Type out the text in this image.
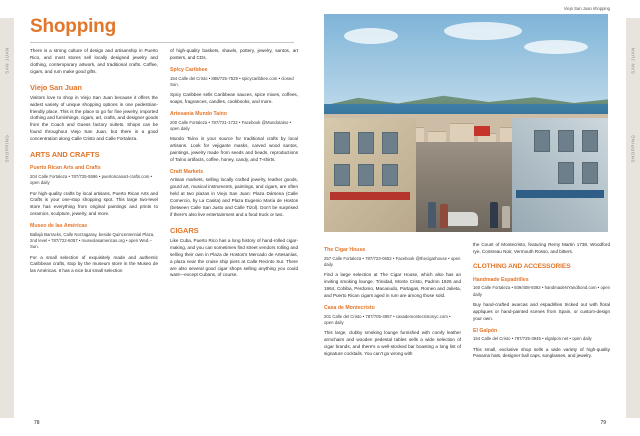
SAN JUAN
SHOPPING
Shopping

There is a strong culture of design and artisanship in Puerto Rico, and most stores sell locally designed jewelry and clothing, contemporary artwork, and traditional crafts. Coffee, cigars, and rum make good gifts.

Viejo San Juan

Visitors love to shop in Viejo San Juan because it offers the widest variety of unique shopping options in one pedestrian-friendly place. This is the place to go for fine jewelry, imported clothing and furnishings, cigars, art, crafts, and designer goods from the Coach and Guess factory outlets. Shops can be found throughout Viejo San Juan, but there is a good concentration along Calle Cristo and Calle Fortaleza.

ARTS AND CRAFTS
Puerto Rican Arts and Crafts

204 Calle Fortaleza • 787/725-5596 • puertoricanart-crafts.com • open daily

For high-quality crafts by local artisans, Puerto Rican Arts and Crafts is your one-stop shopping spot. This large two-level store has everything from original paintings and prints to ceramics, sculpture, jewelry, and more.

Museo de las Américas

Ballajá Barracks, Calle Norzagaray, beside Quincentennial Plaza, 2nd level • 787/722-6057 • museolasamericas.org • open Wed.–Sun.

For a small selection of exquisitely made and authentic Caribbean crafts, stop by the museum store in the Museo de las Américas. It has a nice but small selection

of high-quality baskets, shawls, pottery, jewelry, santos, art posters, and CDs.

Spicy Caribbee

154 Calle del Cristo • 888/725-7529 • spicycaribbee.com • closed Sun.

Spicy Caribbee sells Caribbean sauces, spice mixes, coffees, soaps, fragrances, candles, cookbooks, and more.

Artesanía Mundo Taíno

200 Calle Fortaleza • 787/721-1722 • Facebook @Mundotaino • open daily

Mundo Taíno is your source for traditional crafts by local artisans. Look for vejigante masks, carved wood santos, paintings, jewelry made from seeds and beads, reproductions of Taíno artifacts, coffee, honey, candy, and T-shirts.

Craft Markets

Artisan markets, selling locally crafted jewelry, leather goods, gourd art, musical instruments, paintings, and cigars, are often held at two plazas in Viejo San Juan: Plaza Dársena (Calle Comercio, by La Casita) and Plaza Eugenio María de Hostos (between Calle San Justo and Calle Tizol). Don't be surprised if there's also live entertainment and a food truck or two.

CIGARS

Like Cuba, Puerto Rico has a long history of hand-rolled cigar-making, and you can sometimes find street vendors rolling and selling their own in Plaza de Hostos's Mercado de Artesanías, a plaza near the cruise ship piers at Calle Recinto Sur. There are also several good cigar shops selling anything you could want—except Cubans, of course.

78
Viejo San Juan shopping
The Cigar House

257 Calle Fortaleza • 787/723-0652 • Facebook @thecigarhouse • open daily

Find a large selection at The Cigar House, which also has an inviting smoking lounge. Trinidad, Monte Cristo, Padron 1926 and 1964, Cohiba, Perdomo, Macanudo, Partagas, Romeo and Julieta, and Puerto Rican cigars aged in rum are among those sold.

Casa de Montecristo

201 Calle del Cristo • 787/705-4957 • casademontecristonyc.com • open daily

This large, clubby smoking lounge furnished with comfy leather armchairs and wooden pedestal tables sells a wide selection of cigar brands, and there's a well-stocked bar boasting a long list of signature cocktails. You can't go wrong with

the Count of Montecristo, featuring Remy Martin 1738, Woodford rye, Cointreau Noir, Vermouth Rosso, and bitters.

CLOTHING AND ACCESSORIES
Handmade Espadrilles

160 Calle Fortaleza • 939/408-9392 • handmadeNYandbond.com • open daily

Buy hand-crafted avarcas and espadrilles tricked out with floral appliques or hand-painted scenes from Spain, or custom-design your own.

El Galpón

154 Calle del Cristo • 787/725-3945 • elgalpon.net • open daily

This small, exclusive shop sells a wide variety of high-quality Panama hats, designer ball caps, sunglasses, and jewelry.

79
SAN JUAN
SHOPPING
